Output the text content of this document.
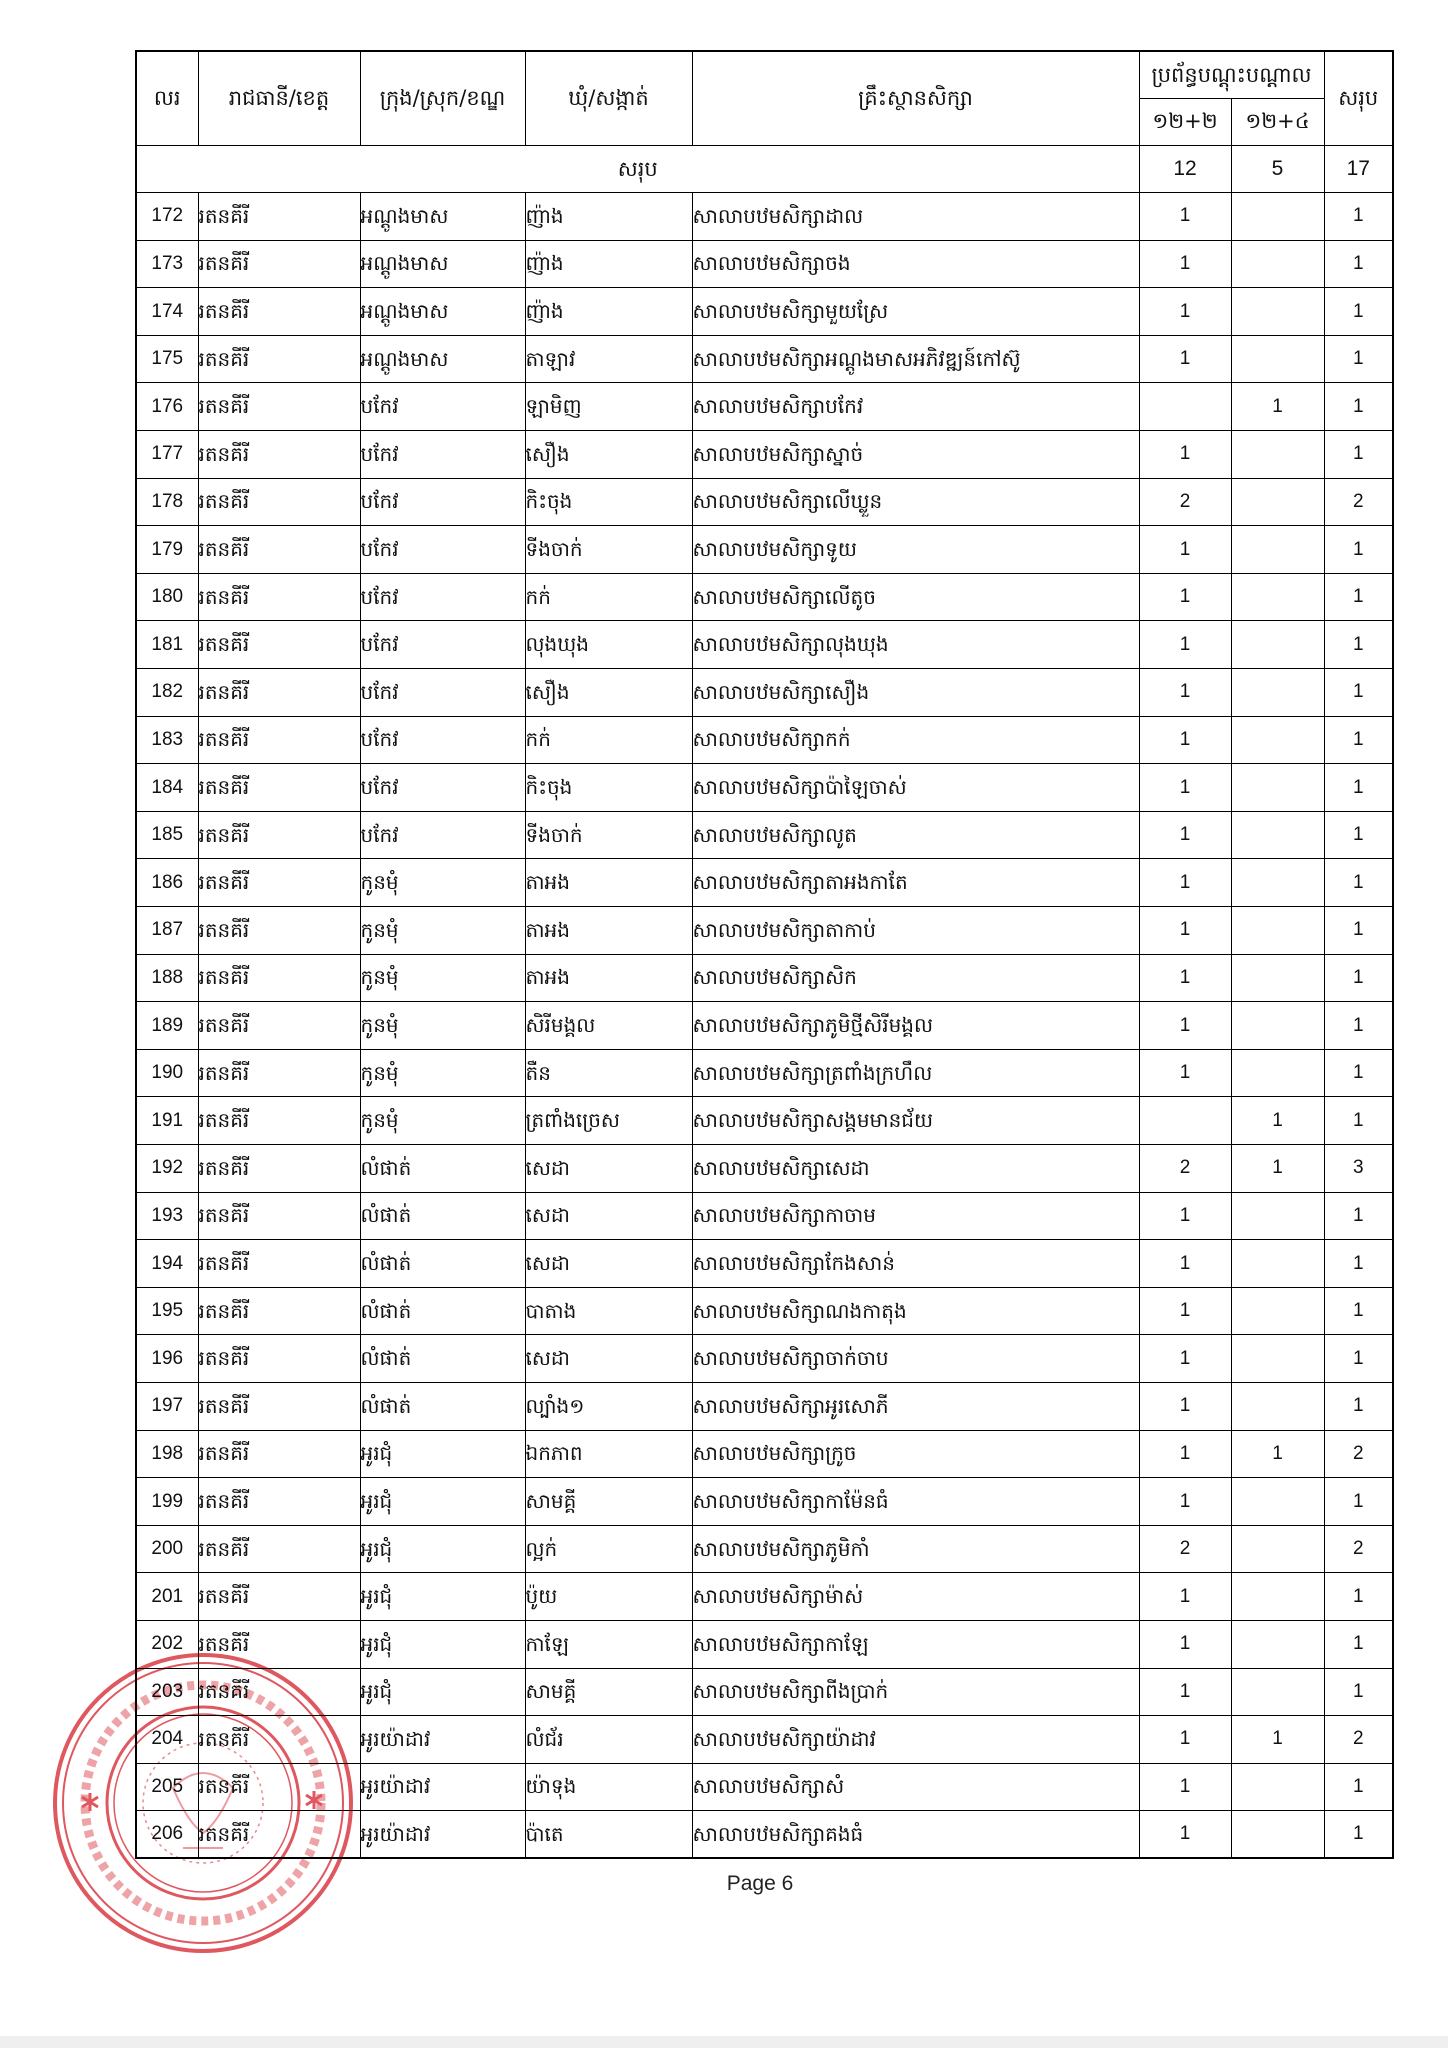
លរ	រាជធានី/ខេត្ត	ក្រុង/ស្រុក/ខណ្ឌ	ឃុំ/សង្កាត់	គ្រឹះស្ថានសិក្សា	ប្រព័ន្ធបណ្តុះបណ្តាល		សរុប
					១២+២	១២+៤	
សរុប					12	5	17
172	រតនគីរី	អណ្តូងមាស	ញ៉ាង	សាលាបឋមសិក្សាដាល	1		1
173	រតនគីរី	អណ្តូងមាស	ញ៉ាង	សាលាបឋមសិក្សាចង	1		1
174	រតនគីរី	អណ្តូងមាស	ញ៉ាង	សាលាបឋមសិក្សាមួយស្រែ	1		1
175	រតនគីរី	អណ្តូងមាស	តាឡាវ	សាលាបឋមសិក្សាអណ្តូងមាសអភិវឌ្ឍន៍កៅស៊ូ	1		1
176	រតនគីរី	បកែវ	ឡាមិញ	សាលាបឋមសិក្សាបកែវ		1	1
177	រតនគីរី	បកែវ	សឿង	សាលាបឋមសិក្សាស្នាច់	1		1
178	រតនគីរី	បកែវ	កិះចុង	សាលាបឋមសិក្សាលើឃ្លួន	2		2
179	រតនគីរី	បកែវ	ទីងចាក់	សាលាបឋមសិក្សាទូយ	1		1
180	រតនគីរី	បកែវ	កក់	សាលាបឋមសិក្សាលើតូច	1		1
181	រតនគីរី	បកែវ	លុងឃុង	សាលាបឋមសិក្សាលុងឃុង	1		1
182	រតនគីរី	បកែវ	សឿង	សាលាបឋមសិក្សាសឿង	1		1
183	រតនគីរី	បកែវ	កក់	សាលាបឋមសិក្សាកក់	1		1
184	រតនគីរី	បកែវ	កិះចុង	សាលាបឋមសិក្សាប៉ាឡៃចាស់	1		1
185	រតនគីរី	បកែវ	ទីងចាក់	សាលាបឋមសិក្សាលូត	1		1
186	រតនគីរី	កូនមុំ	តាអង	សាលាបឋមសិក្សាតាអងកាតែ	1		1
187	រតនគីរី	កូនមុំ	តាអង	សាលាបឋមសិក្សាតាកាប់	1		1
188	រតនគីរី	កូនមុំ	តាអង	សាលាបឋមសិក្សាសិក	1		1
189	រតនគីរី	កូនមុំ	សិរីមង្គល	សាលាបឋមសិក្សាភូមិថ្មីសិរីមង្គល	1		1
190	រតនគីរី	កូនមុំ	តឺន	សាលាបឋមសិក្សាត្រពាំងក្រហឹល	1		1
191	រតនគីរី	កូនមុំ	ត្រពាំងច្រេស	សាលាបឋមសិក្សាសង្គមមានជ័យ		1	1
192	រតនគីរី	លំផាត់	សេដា	សាលាបឋមសិក្សាសេដា	2	1	3
193	រតនគីរី	លំផាត់	សេដា	សាលាបឋមសិក្សាកាចាម	1		1
194	រតនគីរី	លំផាត់	សេដា	សាលាបឋមសិក្សាកែងសាន់	1		1
195	រតនគីរី	លំផាត់	បាតាង	សាលាបឋមសិក្សាណងកាតុង	1		1
196	រតនគីរី	លំផាត់	សេដា	សាលាបឋមសិក្សាចាក់ចាប	1		1
197	រតនគីរី	លំផាត់	ល្បាំង១	សាលាបឋមសិក្សាអូរសោភី	1		1
198	រតនគីរី	អូរជុំ	ឯកភាព	សាលាបឋមសិក្សាក្រូច	1	1	2
199	រតនគីរី	អូរជុំ	សាមគ្គី	សាលាបឋមសិក្សាកាម៉ែនធំ	1		1
200	រតនគីរី	អូរជុំ	ល្អក់	សាលាបឋមសិក្សាភូមិកាំ	2		2
201	រតនគីរី	អូរជុំ	ប៉ូយ	សាលាបឋមសិក្សាម៉ាស់	1		1
202	រតនគីរី	អូរជុំ	កាឡែ	សាលាបឋមសិក្សាកាឡែ	1		1
203	រតនគីរី	អូរជុំ	សាមគ្គី	សាលាបឋមសិក្សាពីងប្រាក់	1		1
204	រតនគីរី	អូរយ៉ាដាវ	លំជ័រ	សាលាបឋមសិក្សាយ៉ាដាវ	1	1	2
205	រតនគីរី	អូរយ៉ាដាវ	យ៉ាទុង	សាលាបឋមសិក្សាសំ	1		1
206	រតនគីរី	អូរយ៉ាដាវ	ប៉ាតេ	សាលាបឋមសិក្សាគងធំ	1		1
Page 6
